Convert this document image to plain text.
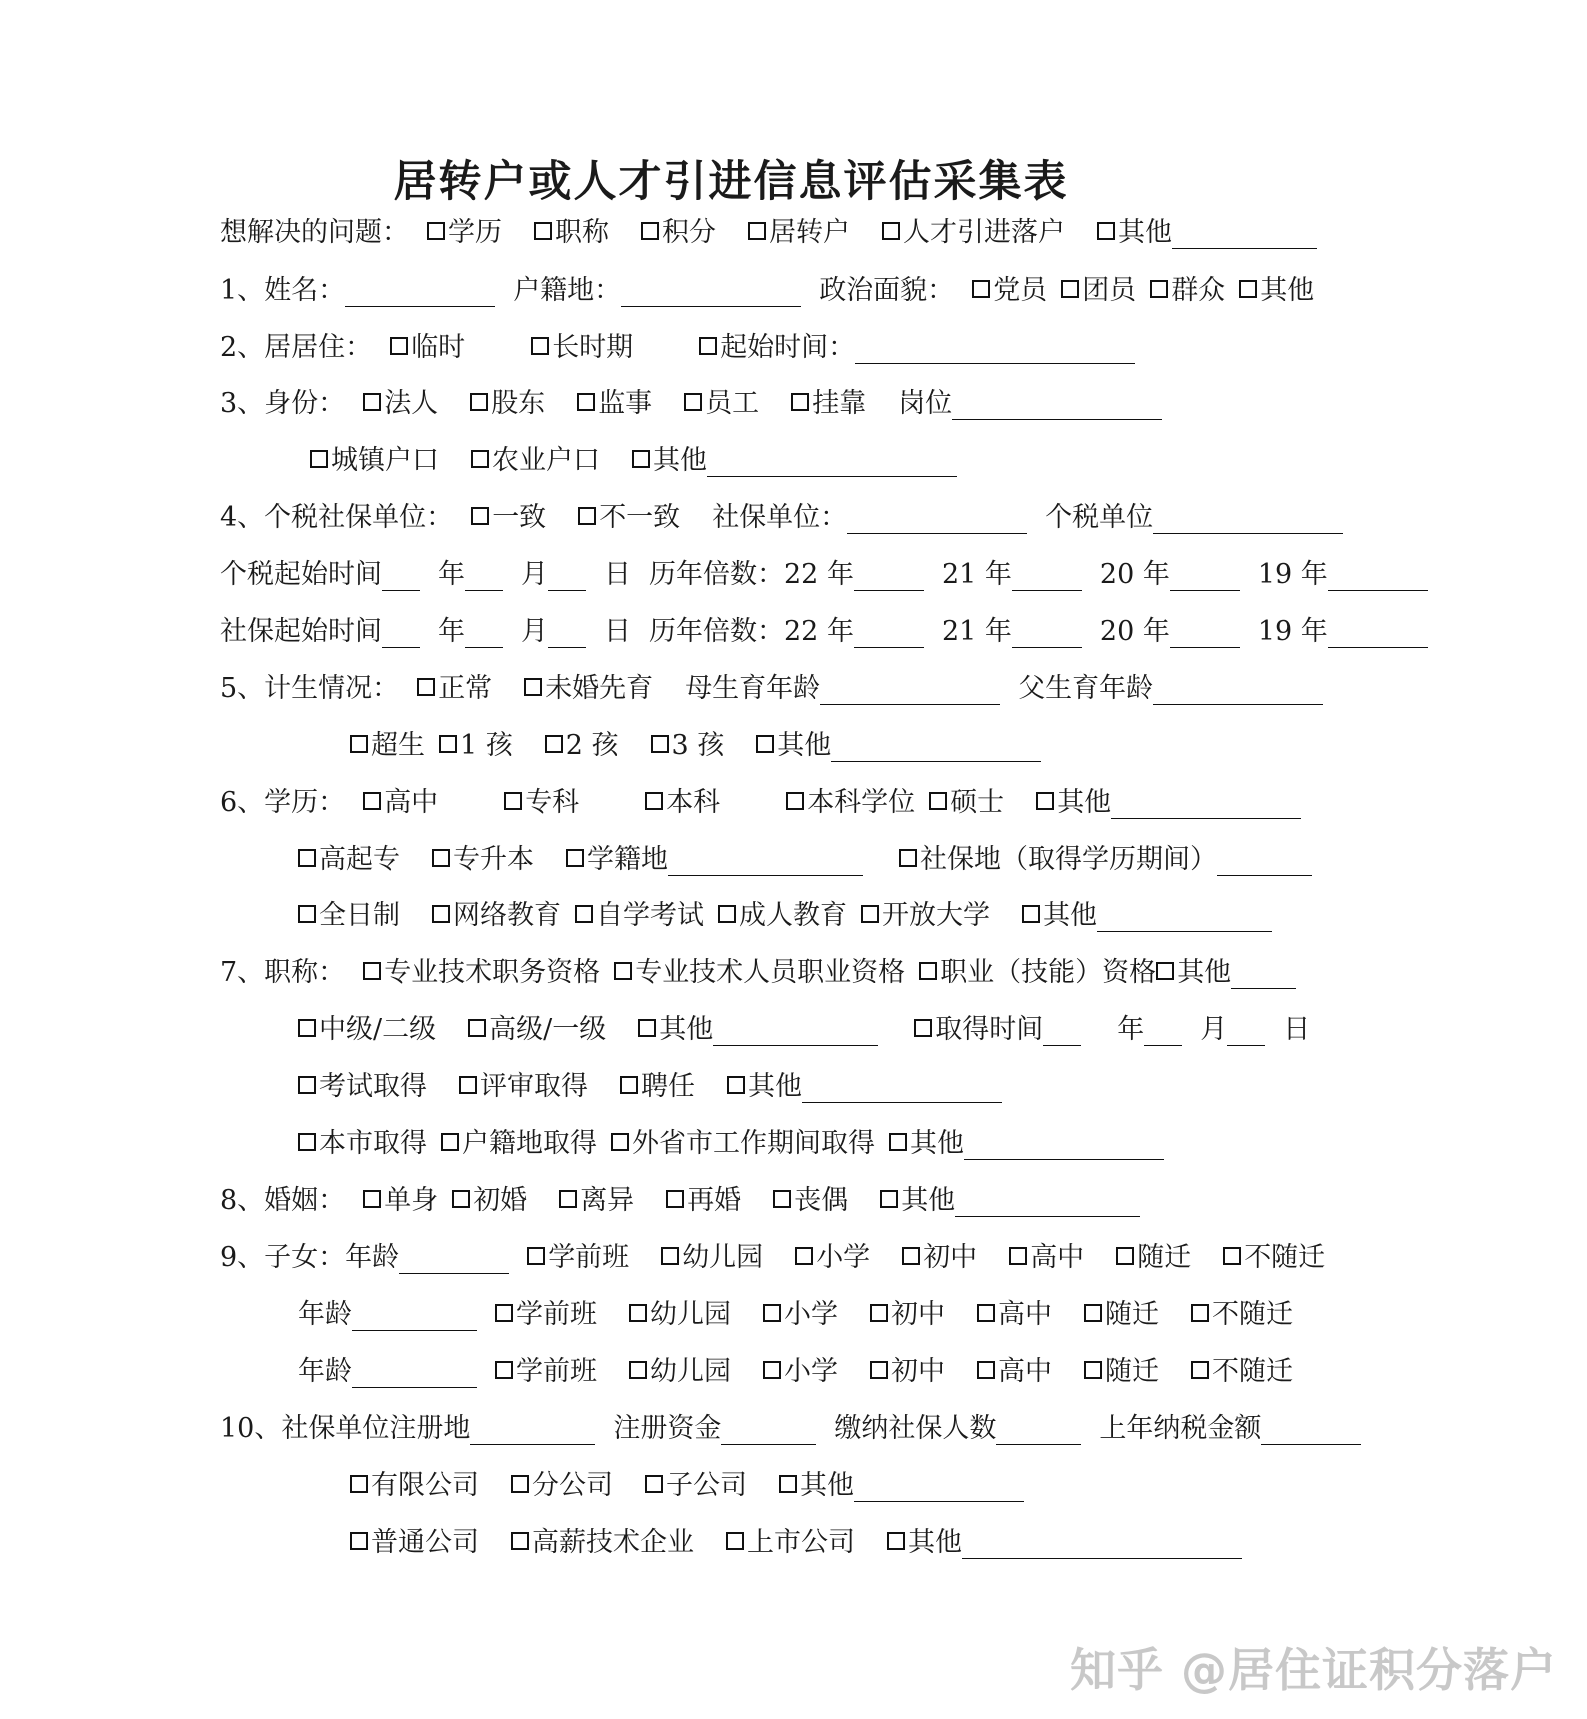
居转户或人才引进信息评估采集表
想解决的问题： 学历 职称 积分 居转户 人才引进落户 其他
1、姓名：	户籍地：	政治面貌： 党员 团员 群众 其他
2、居居住： 临时	长时期	起始时间：
3、身份： 法人 股东 监事 员工 挂靠 岗位
城镇户口 农业户口 其他
4、个税社保单位： 一致 不一致 社保单位：	个税单位
个税起始时间 年 月 日 历年倍数：22 年	21 年	20 年	19 年
社保起始时间 年 月 日 历年倍数：22 年	21 年	20 年	19 年
5、计生情况： 正常 未婚先育 母生育年龄	父生育年龄
超生 1 孩 2 孩 3 孩 其他
6、学历： 高中	专科	本科	本科学位 硕士 其他
高起专 专升本 学籍地	社保地（取得学历期间）
全日制 网络教育 自学考试 成人教育 开放大学 其他
7、职称： 专业技术职务资格 专业技术人员职业资格 职业（技能）资格 其他
中级/二级 高级/一级 其他	取得时间	年 月 日
考试取得 评审取得 聘任 其他
本市取得 户籍地取得 外省市工作期间取得 其他
8、婚姻： 单身 初婚 离异 再婚 丧偶 其他
9、子女：年龄	学前班 幼儿园 小学 初中 高中 随迁 不随迁
年龄	学前班 幼儿园 小学 初中 高中 随迁 不随迁
年龄	学前班 幼儿园 小学 初中 高中 随迁 不随迁
10、社保单位注册地	注册资金	缴纳社保人数	上年纳税金额
有限公司 分公司 子公司 其他
普通公司 高薪技术企业 上市公司 其他
知乎 @居住证积分落户
